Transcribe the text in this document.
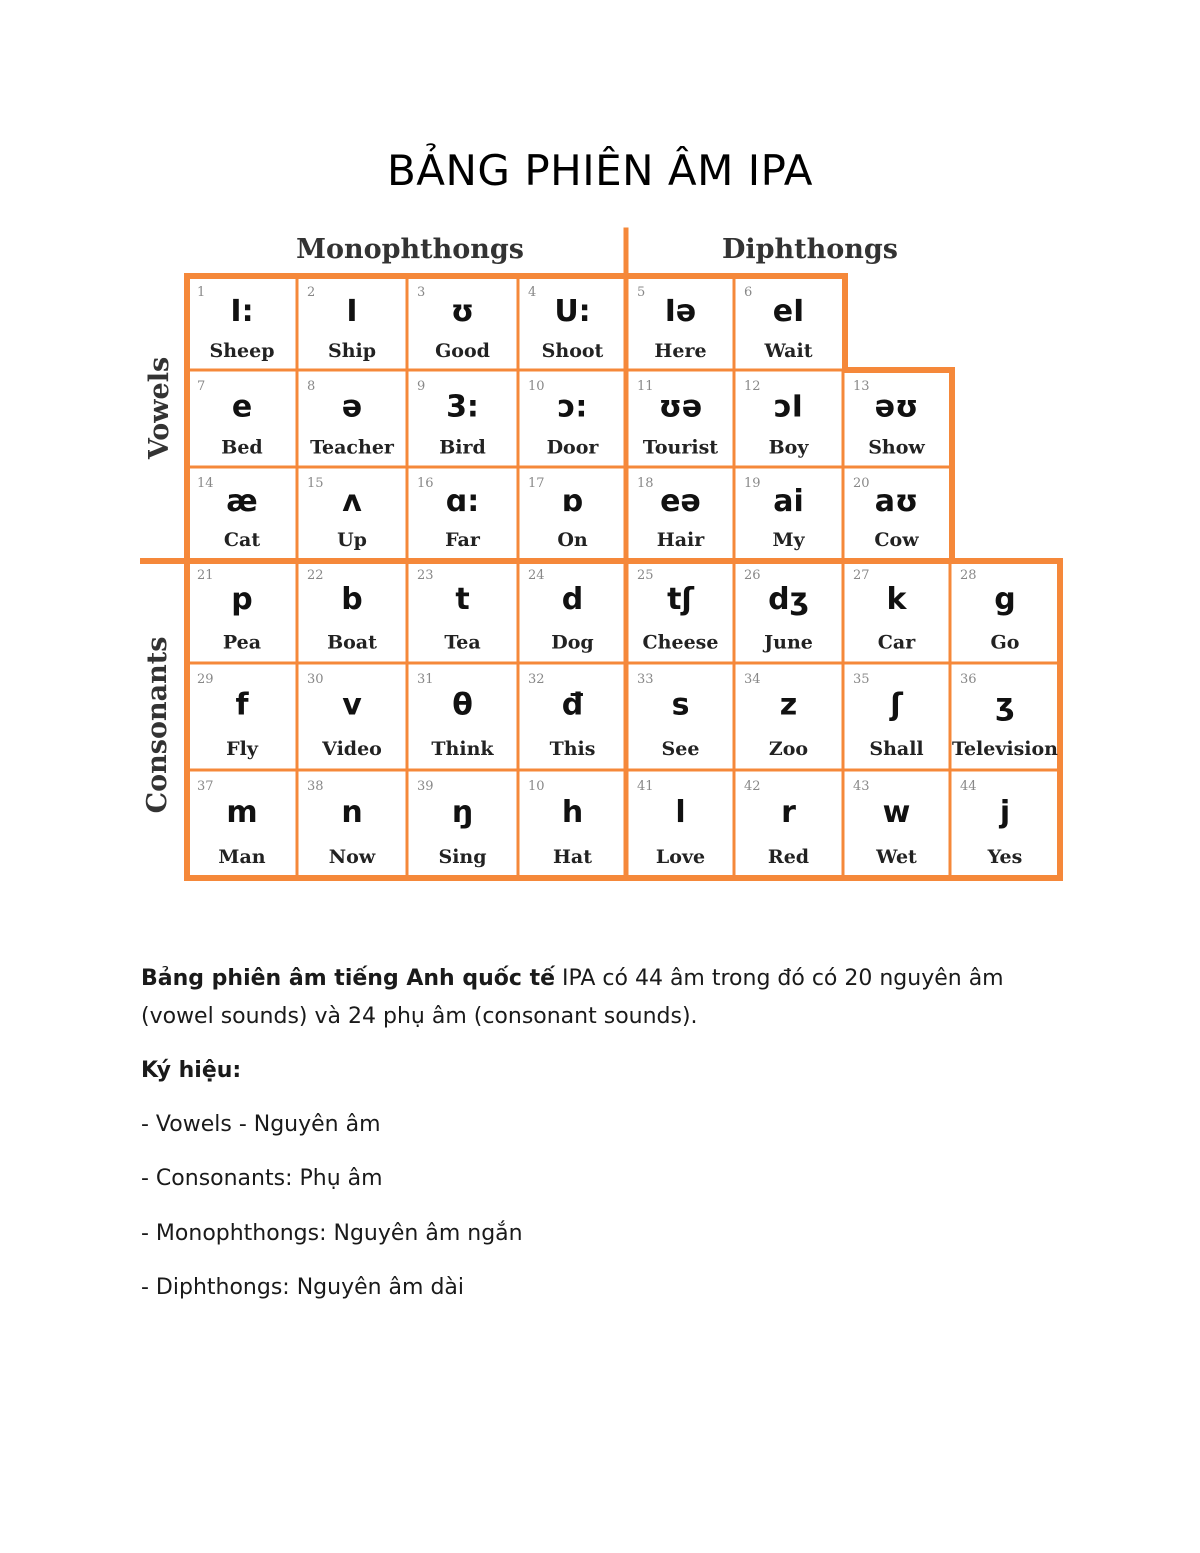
BẢNG PHIÊN ÂM IPA
Monophthongs	Diphthongs
Vowels
Consonants
1
I:
Sheep
2
I
Ship
3
ʊ
Good
4
U:
Shoot
5
Iə
Here
6
eI
Wait
7
e
Bed
8
ə
Teacher
9
3:
Bird
10
ɔ:
Door
11
ʊə
Tourist
12
ɔI
Boy
13
əʊ
Show
14
æ
Cat
15
ʌ
Up
16
ɑ:
Far
17
ɒ
On
18
eə
Hair
19
ai
My
20
aʊ
Cow
21
p
Pea
22
b
Boat
23
t
Tea
24
d
Dog
25
tʃ
Cheese
26
dʒ
June
27
k
Car
28
g
Go
29
f
Fly
30
v
Video
31
θ
Think
32
đ
This
33
s
See
34
z
Zoo
35
ʃ
Shall
36
ʒ
Television
37
m
Man
38
n
Now
39
ŋ
Sing
10
h
Hat
41
l
Love
42
r
Red
43
w
Wet
44
j
Yes

Bảng phiên âm tiếng Anh quốc tế IPA có 44 âm trong đó có 20 nguyên âm (vowel sounds) và 24 phụ âm (consonant sounds).

Ký hiệu:
- Vowels - Nguyên âm
- Consonants: Phụ âm
- Monophthongs: Nguyên âm ngắn
- Diphthongs: Nguyên âm dài
